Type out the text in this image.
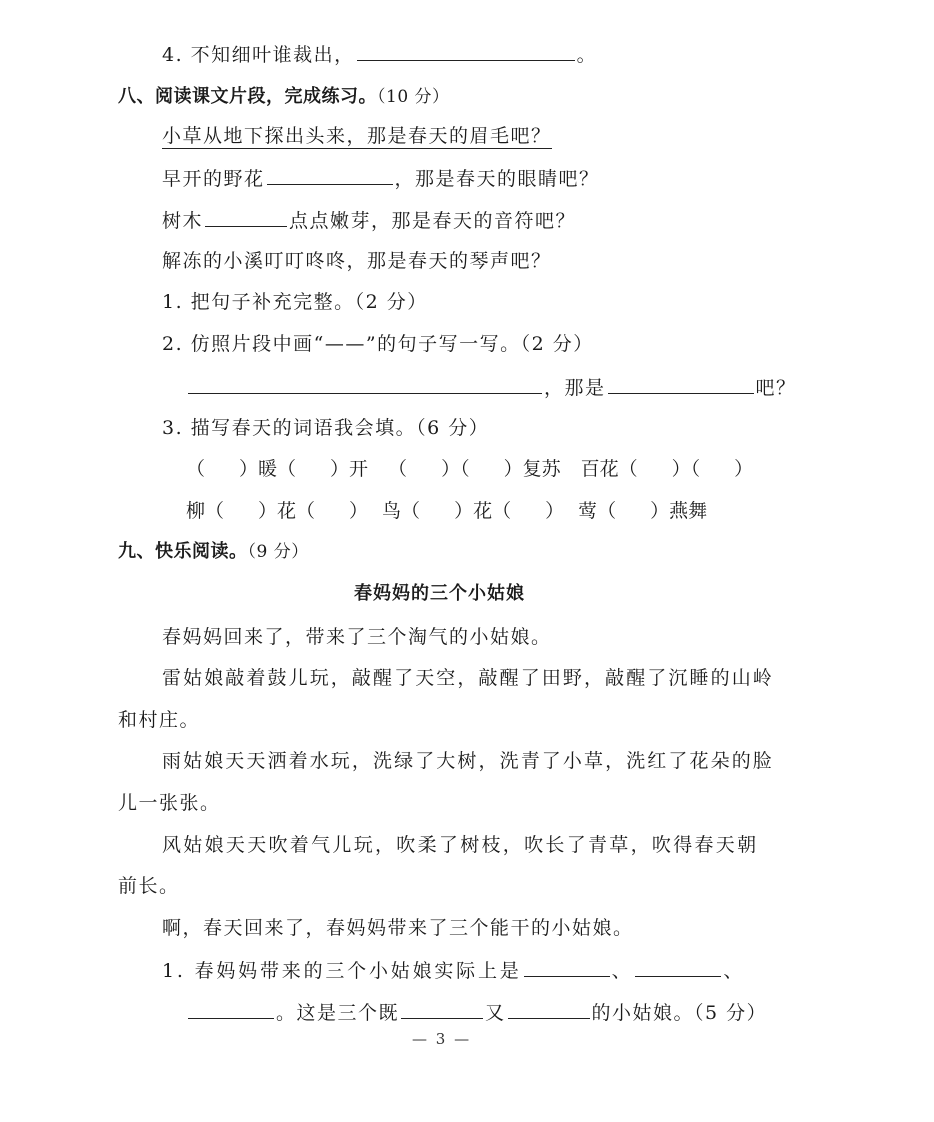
4. 不知细叶谁裁出，	。
八、阅读课文片段，完成练习。（10 分）
小草从地下探出头来，那是春天的眉毛吧？
早开的野花	，那是春天的眼睛吧？
树木	点点嫩芽，那是春天的音符吧？
解冻的小溪叮叮咚咚，那是春天的琴声吧？
1. 把句子补充完整。（2 分）
2. 仿照片段中画“——”的句子写一写。（2 分）
，那是	吧？
3. 描写春天的词语我会填。（6 分）
（ ）暖（ ）开 （ ）（ ）复苏 百花（ ）（ ）
柳（ ）花（ ） 鸟（ ）花（ ） 莺（ ）燕舞
九、快乐阅读。（9 分）
春妈妈的三个小姑娘
春妈妈回来了，带来了三个淘气的小姑娘。
雷姑娘敲着鼓儿玩，敲醒了天空，敲醒了田野，敲醒了沉睡的山岭
和村庄。
雨姑娘天天洒着水玩，洗绿了大树，洗青了小草，洗红了花朵的脸
儿一张张。
风姑娘天天吹着气儿玩，吹柔了树枝，吹长了青草，吹得春天朝
前长。
啊，春天回来了，春妈妈带来了三个能干的小姑娘。
1. 春妈妈带来的三个小姑娘实际上是	、	、
。这是三个既	又	的小姑娘。（5 分）
— 3 —
